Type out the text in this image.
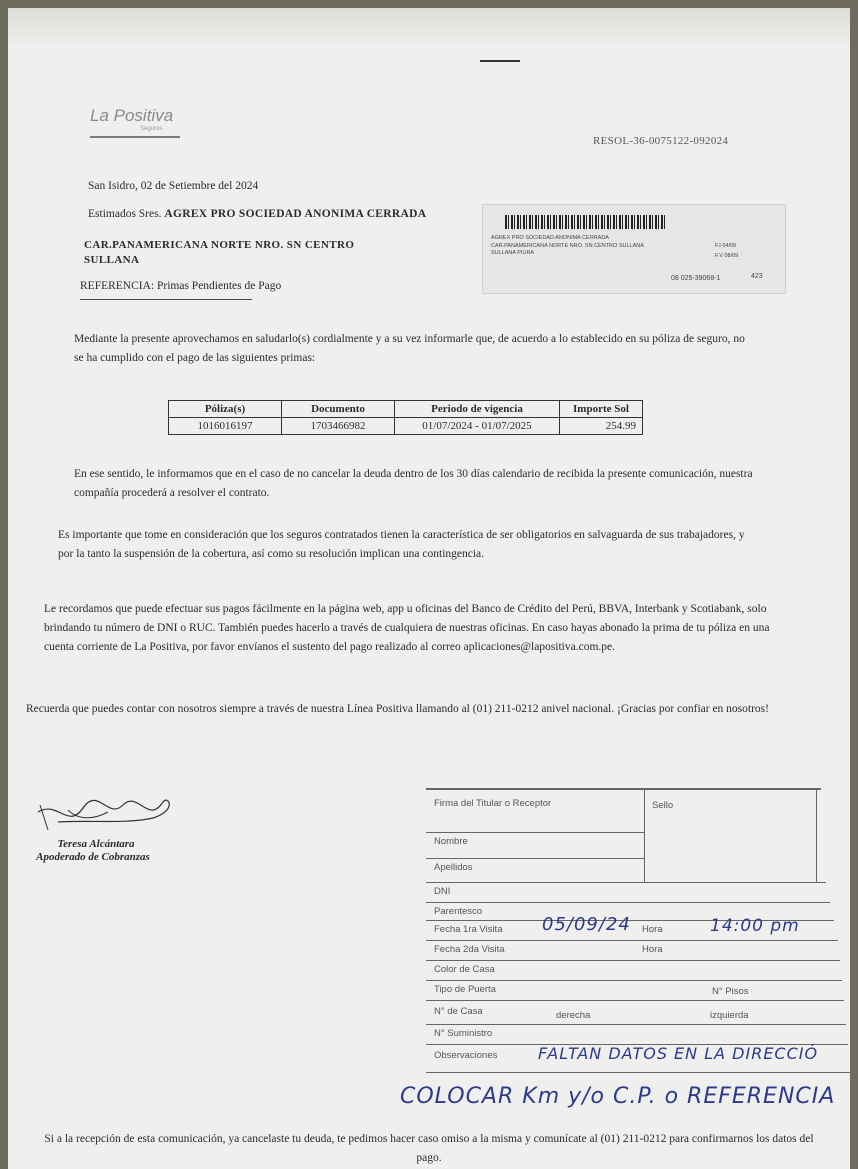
La Positiva
Seguros
RESOL-36-0075122-092024
San Isidro, 02 de Setiembre del 2024
Estimados Sres. AGREX PRO SOCIEDAD ANONIMA CERRADA
CAR.PANAMERICANA NORTE NRO. SN CENTRO
SULLANA
REFERENCIA: Primas Pendientes de Pago
AGREX PRO SOCIEDAD ANONIMA CERRADA
CAR.PANAMERICANA NORTE NRO. SN CENTRO SULLANA
SULLANA PIURA
F.I 04/09
F.V 08/09
08 025-39068-1	423
Mediante la presente aprovechamos en saludarlo(s) cordialmente y a su vez informarle que, de acuerdo a lo establecido en su póliza de seguro, no se ha cumplido con el pago de las siguientes primas:
Póliza(s)	Documento	Periodo de vigencia	Importe Sol
1016016197	1703466982	01/07/2024 - 01/07/2025	254.99
En ese sentido, le informamos que en el caso de no cancelar la deuda dentro de los 30 días calendario de recibida la presente comunicación, nuestra compañía procederá a resolver el contrato.
Es importante que tome en consideración que los seguros contratados tienen la característica de ser obligatorios en salvaguarda de sus trabajadores, y por la tanto la suspensión de la cobertura, así como su resolución implican una contingencia.
Le recordamos que puede efectuar sus pagos fácilmente en la página web, app u oficinas del Banco de Crédito del Perú, BBVA, Interbank y Scotiabank, solo brindando tu número de DNI o RUC. También puedes hacerlo a través de cualquiera de nuestras oficinas. En caso hayas abonado la prima de tu póliza en una cuenta corriente de La Positiva, por favor envíanos el sustento del pago realizado al correo aplicaciones@lapositiva.com.pe.
Recuerda que puedes contar con nosotros siempre a través de nuestra Línea Positiva llamando al (01) 211-0212 anivel nacional. ¡Gracias por confiar en nosotros!
Teresa Alcántara
Apoderado de Cobranzas
Firma del Titular o Receptor	Sello
Nombre
Apellidos
DNI
Parentesco
Fecha 1ra Visita 05/09/24 Hora	14:00 pm
Fecha 2da Visita	Hora
Color de Casa
Tipo de Puerta	N° Pisos
N° de Casa	derecha	izquierda
N° Suministro
Observaciones	FALTAN DATOS EN LA DIRECCIÓ
COLOCAR Km y/o C.P. o REFERENCIA
Si a la recepción de esta comunicación, ya cancelaste tu deuda, te pedimos hacer caso omiso a la misma y comunícate al (01) 211-0212 para confirmarnos los datos del pago.
